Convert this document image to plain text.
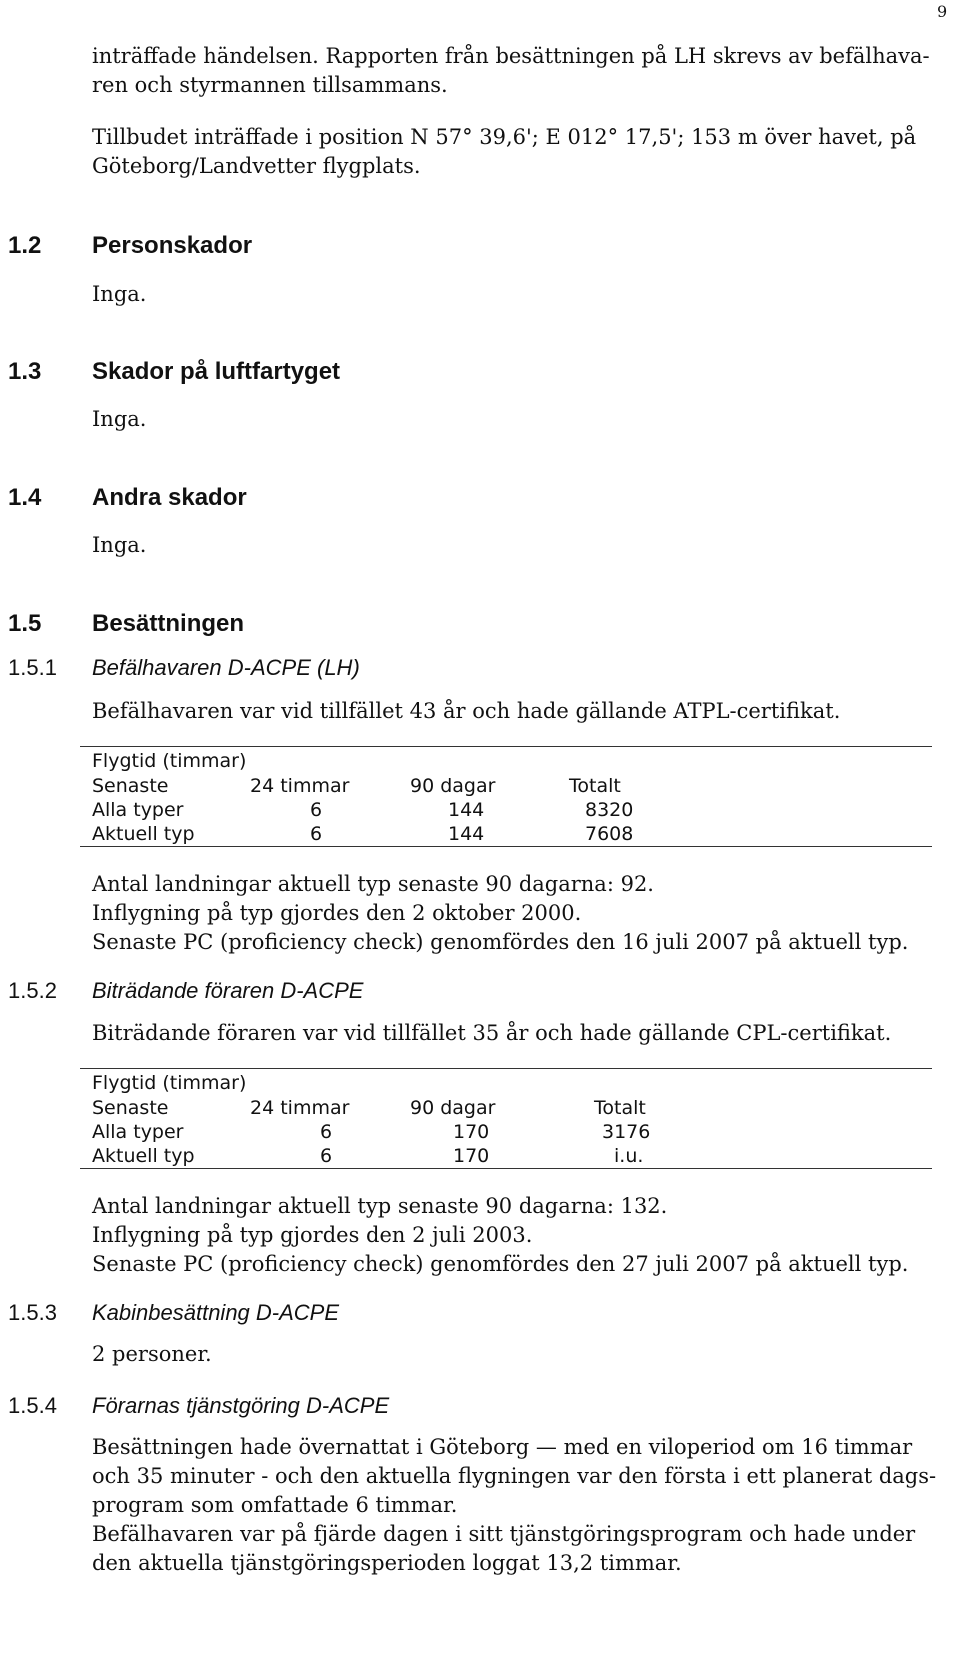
9
inträffade händelsen. Rapporten från besättningen på LH skrevs av befälhava-
ren och styrmannen tillsammans.
Tillbudet inträffade i position N 57° 39,6'; E 012° 17,5'; 153 m över havet, på
Göteborg/Landvetter flygplats.
1.2 Personskador
Inga.
1.3 Skador på luftfartyget
Inga.
1.4 Andra skador
Inga.
1.5 Besättningen
1.5.1 Befälhavaren D-ACPE (LH)
Befälhavaren var vid tillfället 43 år och hade gällande ATPL-certifikat.
Flygtid (timmar)
Senaste	24 timmar	90 dagar	Totalt
Alla typer	6	144	8320
Aktuell typ	6	144	7608
Antal landningar aktuell typ senaste 90 dagarna: 92.
Inflygning på typ gjordes den 2 oktober 2000.
Senaste PC (proficiency check) genomfördes den 16 juli 2007 på aktuell typ.
1.5.2 Biträdande föraren D-ACPE
Biträdande föraren var vid tillfället 35 år och hade gällande CPL-certifikat.
Flygtid (timmar)
Senaste	24 timmar	90 dagar	Totalt
Alla typer	6	170	3176
Aktuell typ	6	170	i.u.
Antal landningar aktuell typ senaste 90 dagarna: 132.
Inflygning på typ gjordes den 2 juli 2003.
Senaste PC (proficiency check) genomfördes den 27 juli 2007 på aktuell typ.
1.5.3 Kabinbesättning D-ACPE
2 personer.
1.5.4 Förarnas tjänstgöring D-ACPE
Besättningen hade övernattat i Göteborg — med en viloperiod om 16 timmar
och 35 minuter - och den aktuella flygningen var den första i ett planerat dags-
program som omfattade 6 timmar.
Befälhavaren var på fjärde dagen i sitt tjänstgöringsprogram och hade under
den aktuella tjänstgöringsperioden loggat 13,2 timmar.
